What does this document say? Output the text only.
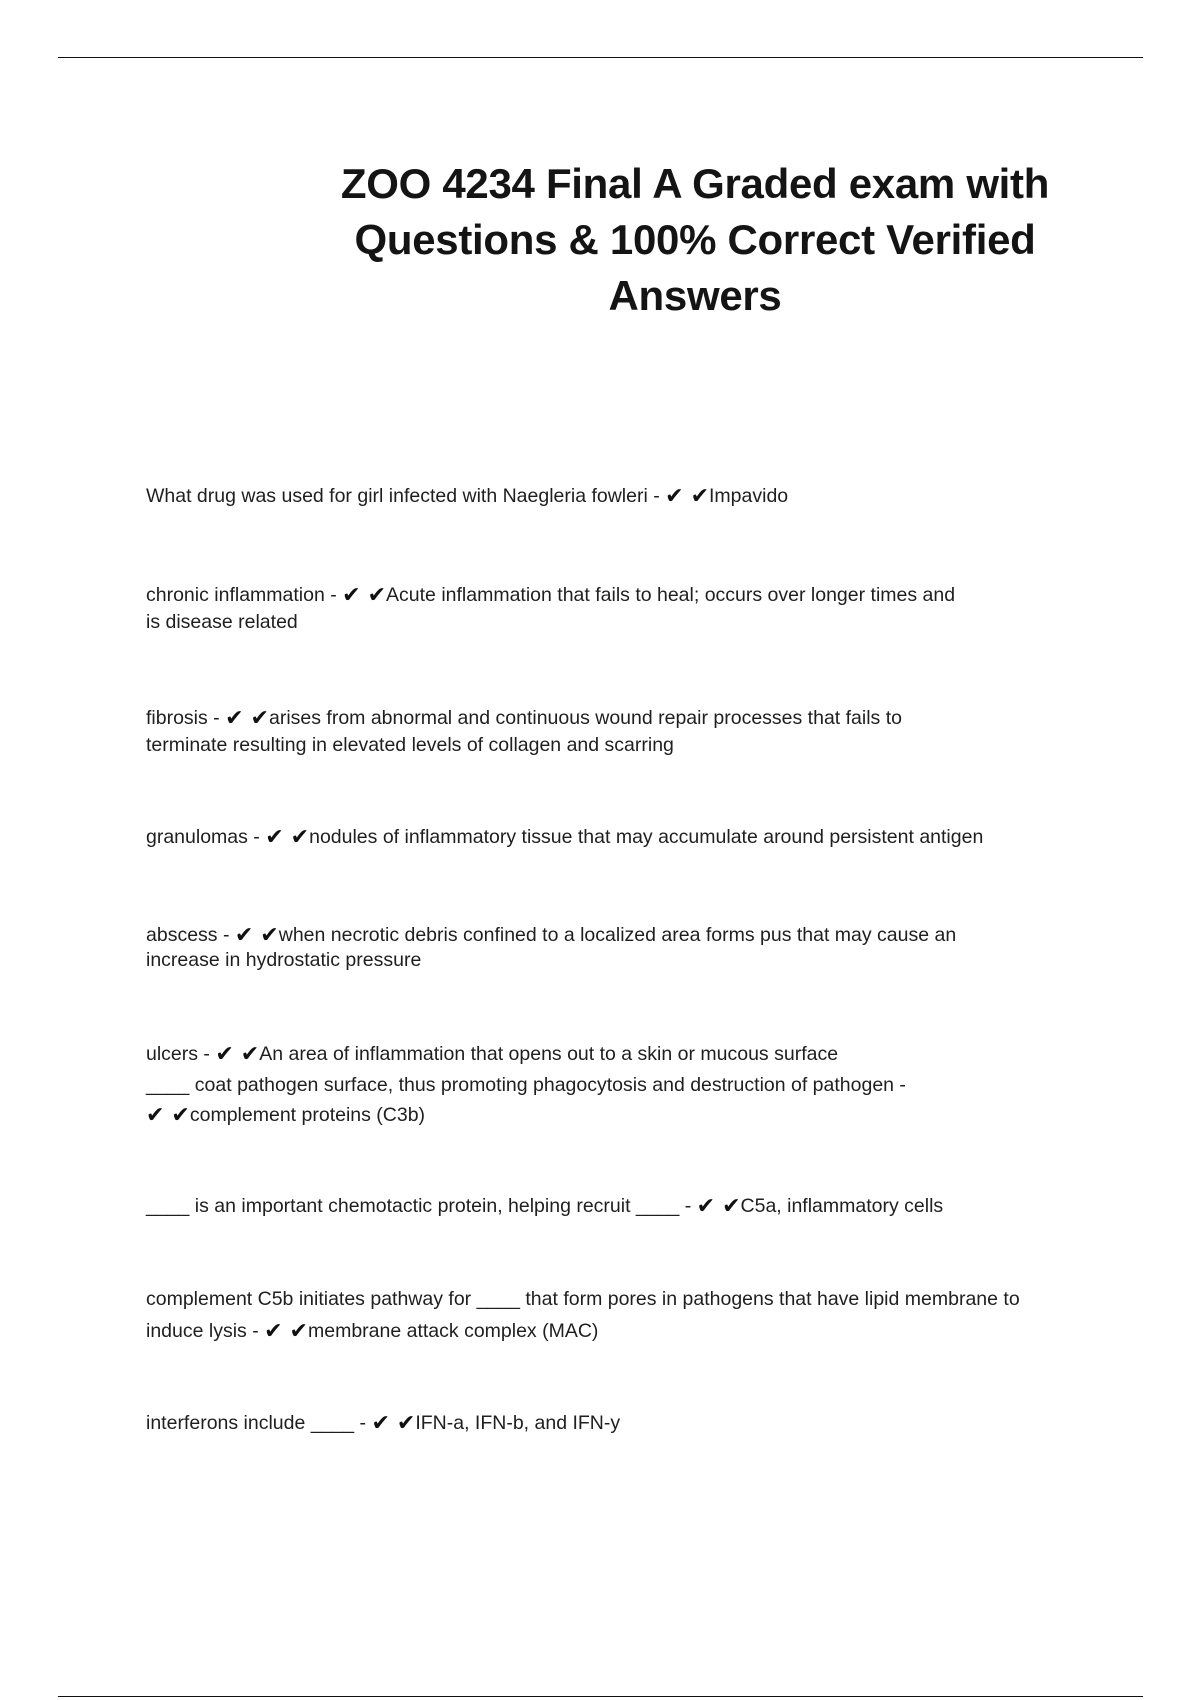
ZOO 4234 Final A Graded exam with
Questions & 100% Correct Verified
Answers
What drug was used for girl infected with Naegleria fowleri - ✔ ✔Impavido
chronic inflammation - ✔ ✔Acute inflammation that fails to heal; occurs over longer times and
is disease related
fibrosis - ✔ ✔arises from abnormal and continuous wound repair processes that fails to
terminate resulting in elevated levels of collagen and scarring
granulomas - ✔ ✔nodules of inflammatory tissue that may accumulate around persistent antigen
abscess - ✔ ✔when necrotic debris confined to a localized area forms pus that may cause an
increase in hydrostatic pressure
ulcers - ✔ ✔An area of inflammation that opens out to a skin or mucous surface
____ coat pathogen surface, thus promoting phagocytosis and destruction of pathogen -
✔ ✔complement proteins (C3b)
____ is an important chemotactic protein, helping recruit ____ - ✔ ✔C5a, inflammatory cells
complement C5b initiates pathway for ____ that form pores in pathogens that have lipid membrane to
induce lysis - ✔ ✔membrane attack complex (MAC)
interferons include ____ - ✔ ✔IFN-a, IFN-b, and IFN-y
